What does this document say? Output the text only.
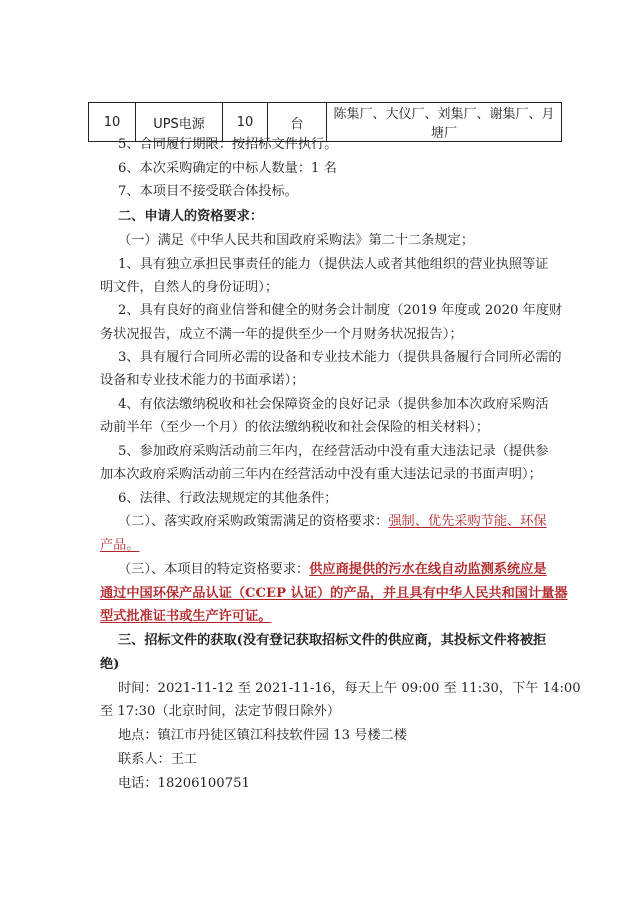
10	UPS电源	10	台	陈集厂、大仪厂、刘集厂、谢集厂、月塘厂
5、合同履行期限：按招标文件执行。
6、本次采购确定的中标人数量：1 名
7、本项目不接受联合体投标。
二、申请人的资格要求：
（一）满足《中华人民共和国政府采购法》第二十二条规定；
1、具有独立承担民事责任的能力（提供法人或者其他组织的营业执照等证
明文件，自然人的身份证明）；
2、具有良好的商业信誉和健全的财务会计制度（2019 年度或 2020 年度财
务状况报告，成立不满一年的提供至少一个月财务状况报告）；
3、具有履行合同所必需的设备和专业技术能力（提供具备履行合同所必需的
设备和专业技术能力的书面承诺）；
4、有依法缴纳税收和社会保障资金的良好记录（提供参加本次政府采购活
动前半年（至少一个月）的依法缴纳税收和社会保险的相关材料）；
5、参加政府采购活动前三年内，在经营活动中没有重大违法记录（提供参
加本次政府采购活动前三年内在经营活动中没有重大违法记录的书面声明）；
6、法律、行政法规规定的其他条件；
（二）、落实政府采购政策需满足的资格要求：强制、优先采购节能、环保
产品。
（三）、本项目的特定资格要求：供应商提供的污水在线自动监测系统应是
通过中国环保产品认证（CCEP 认证）的产品，并且具有中华人民共和国计量器
型式批准证书或生产许可证。
三、招标文件的获取(没有登记获取招标文件的供应商，其投标文件将被拒
绝)
时间：2021-11-12 至 2021-11-16，每天上午 09:00 至 11:30，下午 14:00
至 17:30（北京时间，法定节假日除外）
地点：镇江市丹徒区镇江科技软件园 13 号楼二楼
联系人：王工
电话：18206100751
